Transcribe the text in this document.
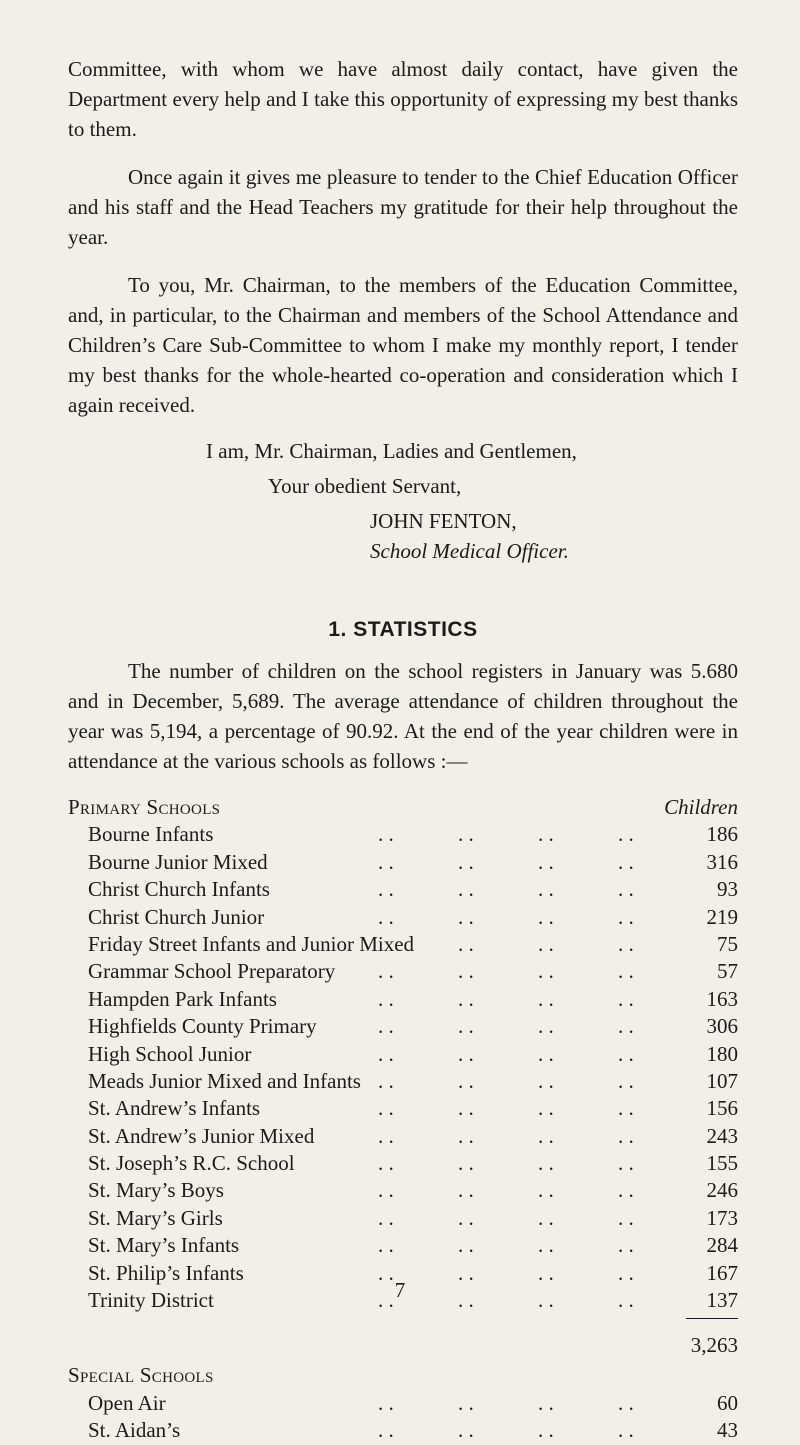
Committee, with whom we have almost daily contact, have given the Department every help and I take this opportunity of expressing my best thanks to them.

Once again it gives me pleasure to tender to the Chief Education Officer and his staff and the Head Teachers my gratitude for their help throughout the year.

To you, Mr. Chairman, to the members of the Education Committee, and, in particular, to the Chairman and members of the School Attendance and Children’s Care Sub-Committee to whom I make my monthly report, I tender my best thanks for the whole-hearted co-operation and consideration which I again received.

I am, Mr. Chairman, Ladies and Gentlemen,
Your obedient Servant,
JOHN FENTON,
School Medical Officer.
1. STATISTICS

The number of children on the school registers in January was 5.680 and in December, 5,689. The average attendance of children throughout the year was 5,194, a percentage of 90.92. At the end of the year children were in attendance at the various schools as follows :—

Primary Schools	Children
Bourne Infants	. .	. .	. .	. .	186
Bourne Junior Mixed	. .	. .	. .	. .	316
Christ Church Infants	. .	. .	. .	. .	93
Christ Church Junior	. .	. .	. .	. .	219
Friday Street Infants and Junior Mixed . .	. .	. .	75
Grammar School Preparatory . .	. .	. .	. .	57
Hampden Park Infants	. .	. .	. .	. .	163
Highfields County Primary	. .	. .	. .	. .	306
High School Junior	. .	. .	. .	. .	180
Meads Junior Mixed and Infants . .	. .	. .	. .	107
St. Andrew’s Infants	. .	. .	. .	. .	156
St. Andrew’s Junior Mixed	. .	. .	. .	. .	243
St. Joseph’s R.C. School	. .	. .	. .	. .	155
St. Mary’s Boys	. .	. .	. .	. .	246
St. Mary’s Girls	. .	. .	. .	. .	173
St. Mary’s Infants	. .	. .	. .	. .	284
St. Philip’s Infants	. .	. .	. .	. .	167
Trinity District	. .	. .	. .	. .	137
3,263
Special Schools
Open Air	. .	. .	. .	. .	60
St. Aidan’s	. .	. .	. .	. .	43
7
